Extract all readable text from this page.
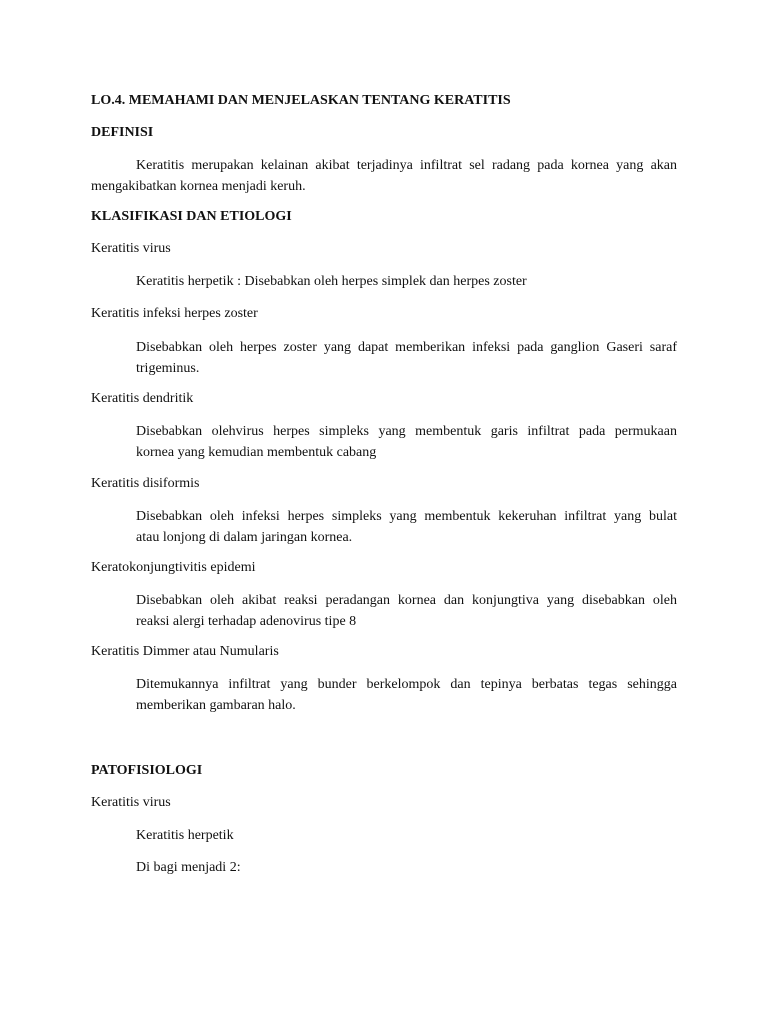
LO.4. MEMAHAMI DAN MENJELASKAN TENTANG KERATITIS
DEFINISI
Keratitis merupakan kelainan akibat terjadinya infiltrat sel radang pada kornea yang akan
mengakibatkan kornea menjadi keruh.
KLASIFIKASI DAN ETIOLOGI
Keratitis virus
Keratitis herpetik : Disebabkan oleh herpes simplek dan herpes zoster
Keratitis infeksi herpes zoster
Disebabkan oleh herpes zoster yang dapat memberikan infeksi pada ganglion Gaseri saraf
trigeminus.
Keratitis dendritik
Disebabkan olehvirus herpes simpleks yang membentuk garis infiltrat pada permukaan
kornea yang kemudian membentuk cabang
Keratitis disiformis
Disebabkan oleh infeksi herpes simpleks yang membentuk kekeruhan infiltrat yang bulat
atau lonjong di dalam jaringan kornea.
Keratokonjungtivitis epidemi
Disebabkan oleh akibat reaksi peradangan kornea dan konjungtiva yang disebabkan oleh
reaksi alergi terhadap adenovirus tipe 8
Keratitis Dimmer atau Numularis
Ditemukannya infiltrat yang bunder berkelompok dan tepinya berbatas tegas sehingga
memberikan gambaran halo.
PATOFISIOLOGI
Keratitis virus
Keratitis herpetik
Di bagi menjadi 2:
